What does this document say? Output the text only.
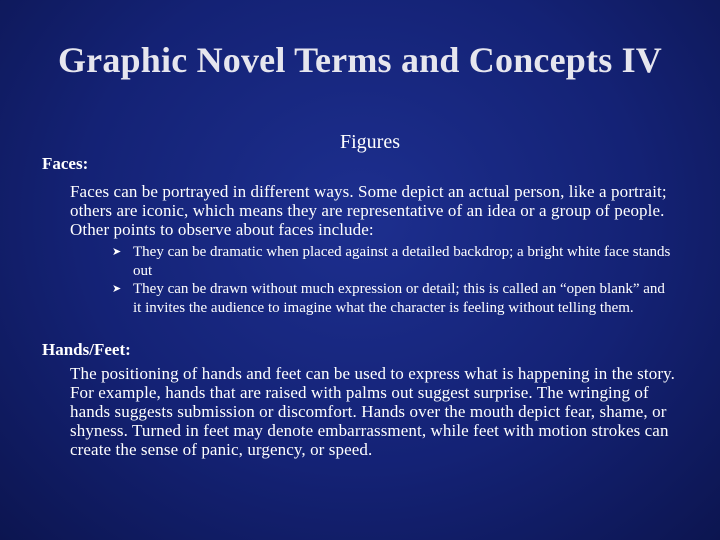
Graphic Novel Terms and Concepts IV
Figures
Faces:
Faces can be portrayed in different ways. Some depict an actual person, like a portrait; others are iconic, which means they are representative of an idea or a group of people. Other points to observe about faces include:
➤ They can be dramatic when placed against a detailed backdrop; a bright white face stands out
➤ They can be drawn without much expression or detail; this is called an “open blank” and it invites the audience to imagine what the character is feeling without telling them.
Hands/Feet:
The positioning of hands and feet can be used to express what is happening in the story. For example, hands that are raised with palms out suggest surprise. The wringing of hands suggests submission or discomfort. Hands over the mouth depict fear, shame, or shyness. Turned in feet may denote embarrassment, while feet with motion strokes can create the sense of panic, urgency, or speed.
